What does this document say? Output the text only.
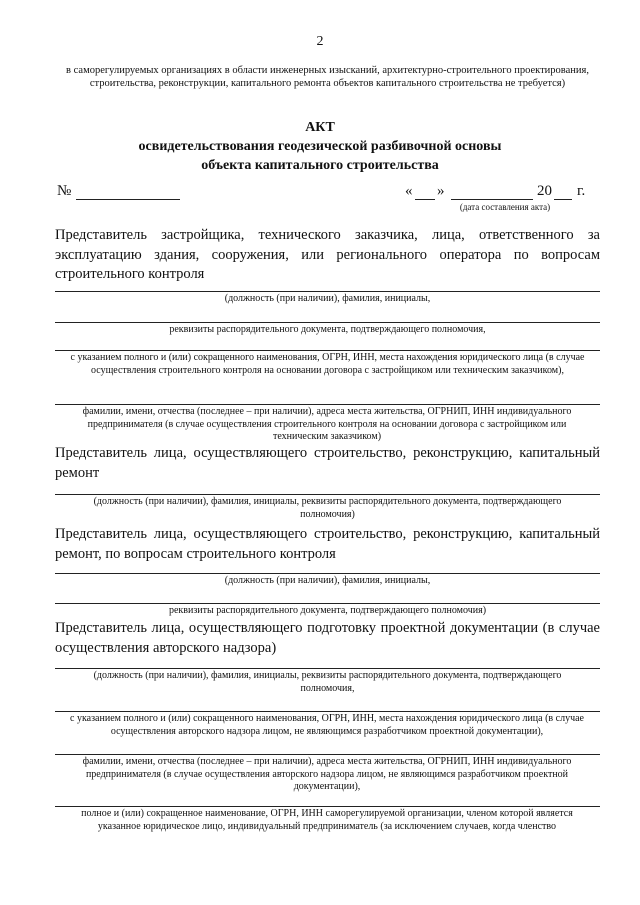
2
в саморегулируемых организациях в области инженерных изысканий, архитектурно-строительного проектирования, строительства, реконструкции, капитального ремонта объектов капитального строительства не требуется)
АКТ
освидетельствования геодезической разбивочной основы
объекта капитального строительства
№	« »	20 г.
(дата составления акта)
Представитель застройщика, технического заказчика, лица, ответственного за эксплуатацию здания, сооружения, или регионального оператора по вопросам строительного контроля
(должность (при наличии), фамилия, инициалы,
реквизиты распорядительного документа, подтверждающего полномочия,
с указанием полного и (или) сокращенного наименования, ОГРН, ИНН, места нахождения юридического лица (в случае осуществления строительного контроля на основании договора с застройщиком или техническим заказчиком),
фамилии, имени, отчества (последнее – при наличии), адреса места жительства, ОГРНИП, ИНН индивидуального предпринимателя (в случае осуществления строительного контроля на основании договора с застройщиком или техническим заказчиком)
Представитель лица, осуществляющего строительство, реконструкцию, капитальный ремонт
(должность (при наличии), фамилия, инициалы, реквизиты распорядительного документа, подтверждающего полномочия)
Представитель лица, осуществляющего строительство, реконструкцию, капитальный ремонт, по вопросам строительного контроля
(должность (при наличии), фамилия, инициалы,
реквизиты распорядительного документа, подтверждающего полномочия)
Представитель лица, осуществляющего подготовку проектной документации (в случае осуществления авторского надзора)
(должность (при наличии), фамилия, инициалы, реквизиты распорядительного документа, подтверждающего полномочия,
с указанием полного и (или) сокращенного наименования, ОГРН, ИНН, места нахождения юридического лица (в случае осуществления авторского надзора лицом, не являющимся разработчиком проектной документации),
фамилии, имени, отчества (последнее – при наличии), адреса места жительства, ОГРНИП, ИНН индивидуального предпринимателя (в случае осуществления авторского надзора лицом, не являющимся разработчиком проектной документации),
полное и (или) сокращенное наименование, ОГРН, ИНН саморегулируемой организации, членом которой является указанное юридическое лицо, индивидуальный предприниматель (за исключением случаев, когда членство
